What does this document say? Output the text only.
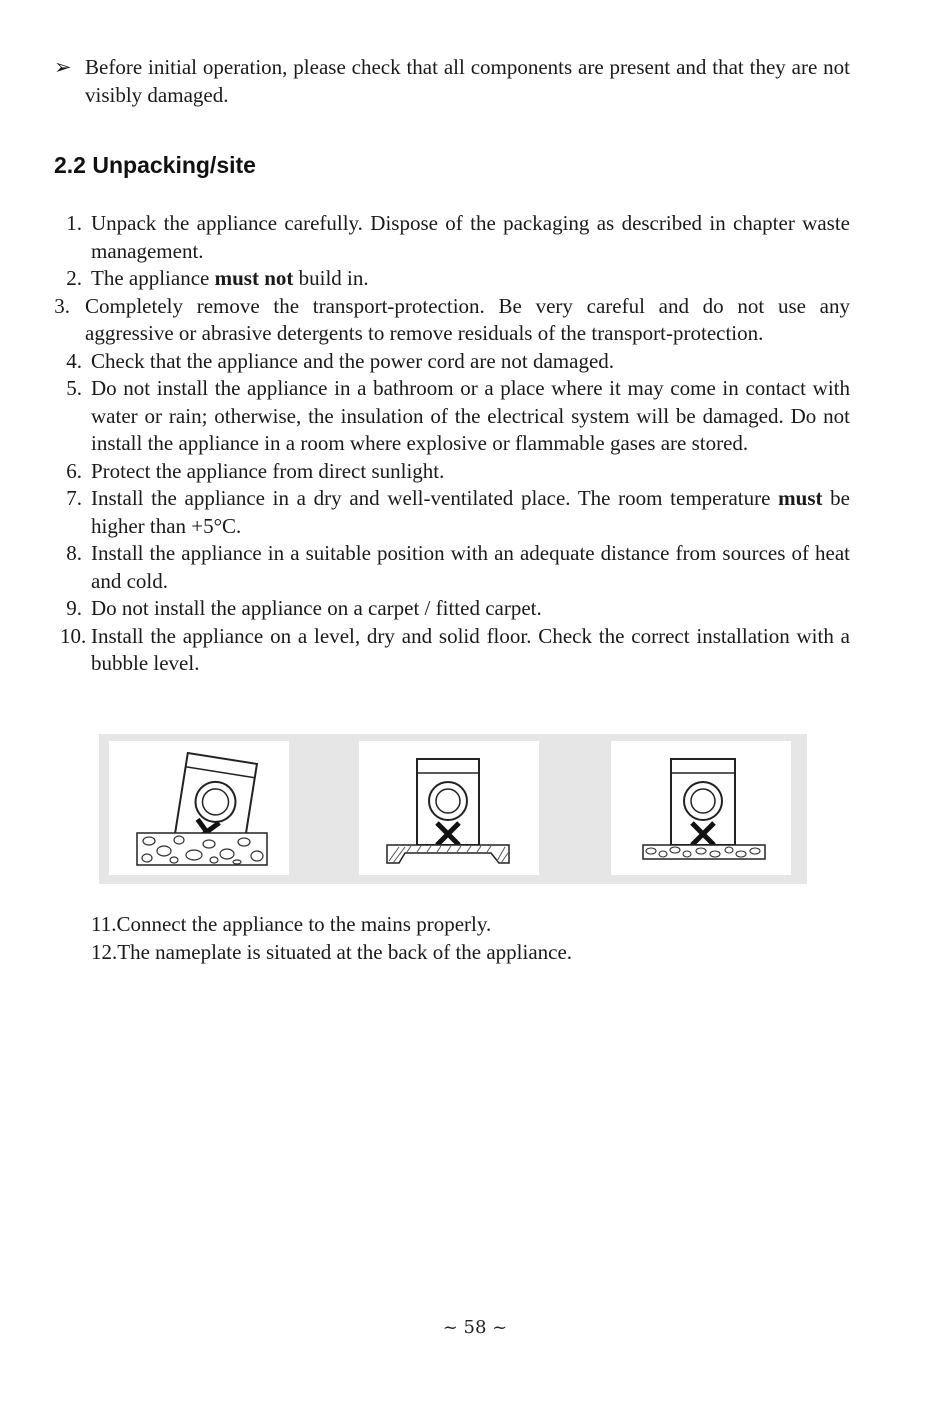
➢ Before initial operation, please check that all components are present and that they are not visibly damaged.
2.2 Unpacking/site
1. Unpack the appliance carefully. Dispose of the packaging as described in chapter waste management.
2. The appliance must not build in.
3. Completely remove the transport-protection. Be very careful and do not use any aggressive or abrasive detergents to remove residuals of the transport-protection.
4. Check that the appliance and the power cord are not damaged.
5. Do not install the appliance in a bathroom or a place where it may come in contact with water or rain; otherwise, the insulation of the electrical system will be damaged. Do not install the appliance in a room where explosive or flammable gases are stored.
6. Protect the appliance from direct sunlight.
7. Install the appliance in a dry and well-ventilated place. The room temperature must be higher than +5°C.
8. Install the appliance in a suitable position with an adequate distance from sources of heat and cold.
9. Do not install the appliance on a carpet / fitted carpet.
10. Install the appliance on a level, dry and solid floor. Check the correct installation with a bubble level.
11.Connect the appliance to the mains properly.
12.The nameplate is situated at the back of the appliance.
~ 58 ~
